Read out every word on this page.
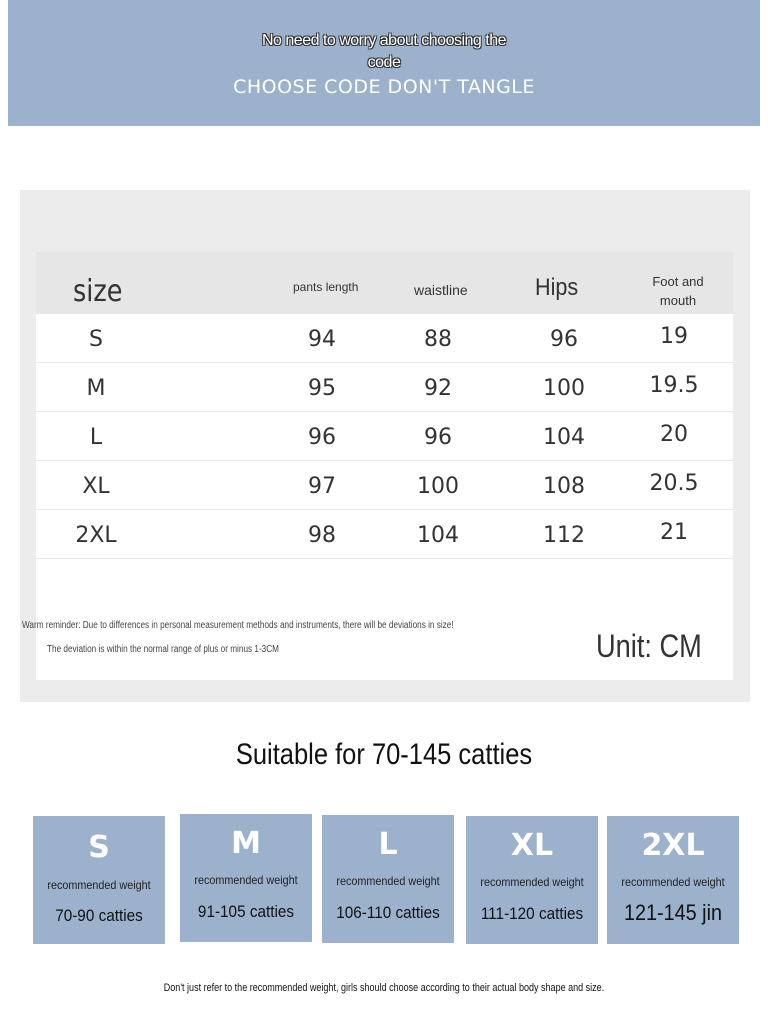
No need to worry about choosing the code
CHOOSE CODE DON'T TANGLE
size	pants length	waistline	Hips	Foot and mouth
S	94	88	96	19
M	95	92	100	19.5
L	96	96	104	20
XL	97	100	108	20.5
2XL	98	104	112	21
Warm reminder: Due to differences in personal measurement methods and instruments, there will be deviations in size!
The deviation is within the normal range of plus or minus 1-3CM	Unit: CM
Suitable for 70-145 catties
S
recommended weight
70-90 catties
M
recommended weight
91-105 catties
L
recommended weight
106-110 catties
XL
recommended weight
111-120 catties
2XL
recommended weight
121-145 jin
Don't just refer to the recommended weight, girls should choose according to their actual body shape and size.
